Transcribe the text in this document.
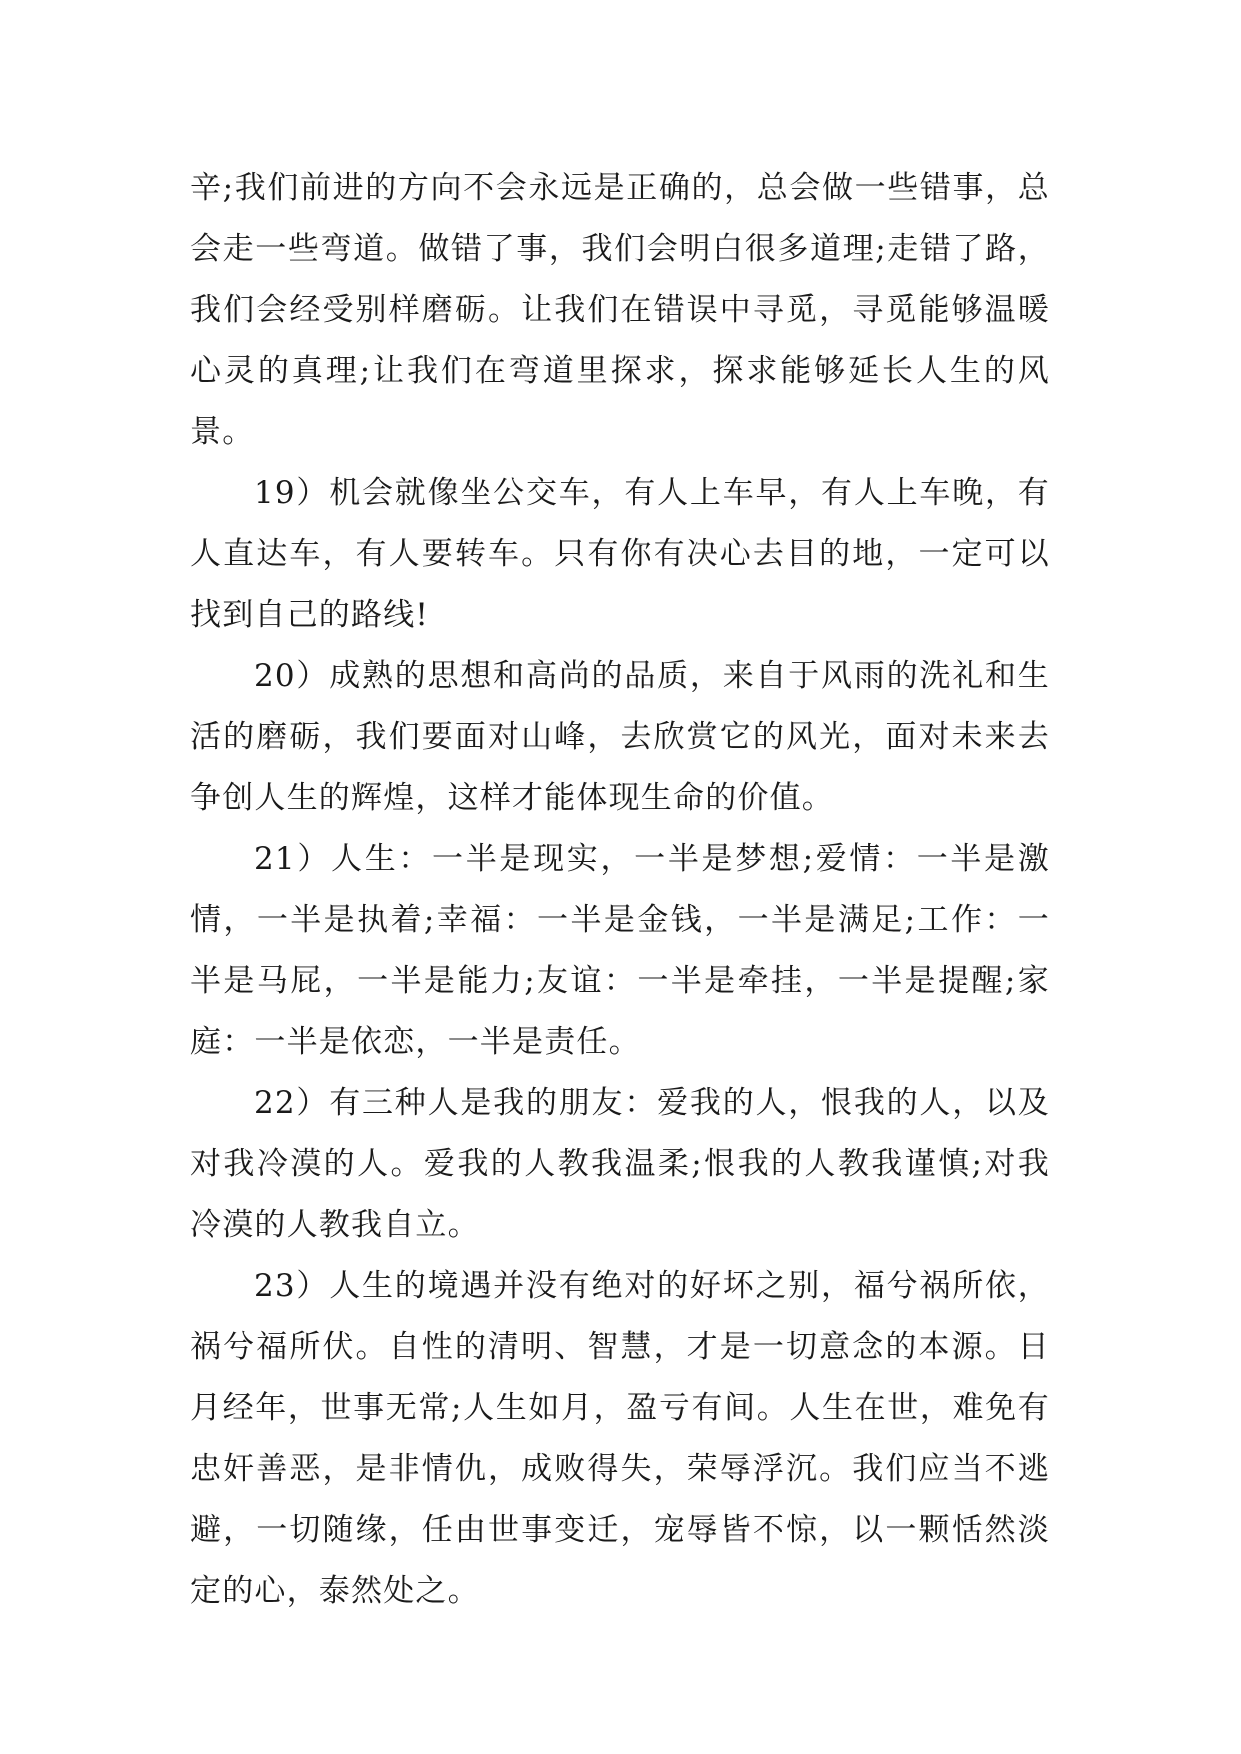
辛;我们前进的方向不会永远是正确的，总会做一些错事，总会走一些弯道。做错了事，我们会明白很多道理;走错了路，我们会经受别样磨砺。让我们在错误中寻觅，寻觅能够温暖心灵的真理;让我们在弯道里探求，探求能够延长人生的风景。

19）机会就像坐公交车，有人上车早，有人上车晚，有人直达车，有人要转车。只有你有决心去目的地，一定可以找到自己的路线!

20）成熟的思想和高尚的品质，来自于风雨的洗礼和生活的磨砺，我们要面对山峰，去欣赏它的风光，面对未来去争创人生的辉煌，这样才能体现生命的价值。

21）人生：一半是现实，一半是梦想;爱情：一半是激情，一半是执着;幸福：一半是金钱，一半是满足;工作：一半是马屁，一半是能力;友谊：一半是牵挂，一半是提醒;家庭：一半是依恋，一半是责任。

22）有三种人是我的朋友：爱我的人，恨我的人，以及对我冷漠的人。爱我的人教我温柔;恨我的人教我谨慎;对我冷漠的人教我自立。

23）人生的境遇并没有绝对的好坏之别，福兮祸所依，祸兮福所伏。自性的清明、智慧，才是一切意念的本源。日月经年，世事无常;人生如月，盈亏有间。人生在世，难免有忠奸善恶，是非情仇，成败得失，荣辱浮沉。我们应当不逃避，一切随缘，任由世事变迁，宠辱皆不惊，以一颗恬然淡定的心，泰然处之。
